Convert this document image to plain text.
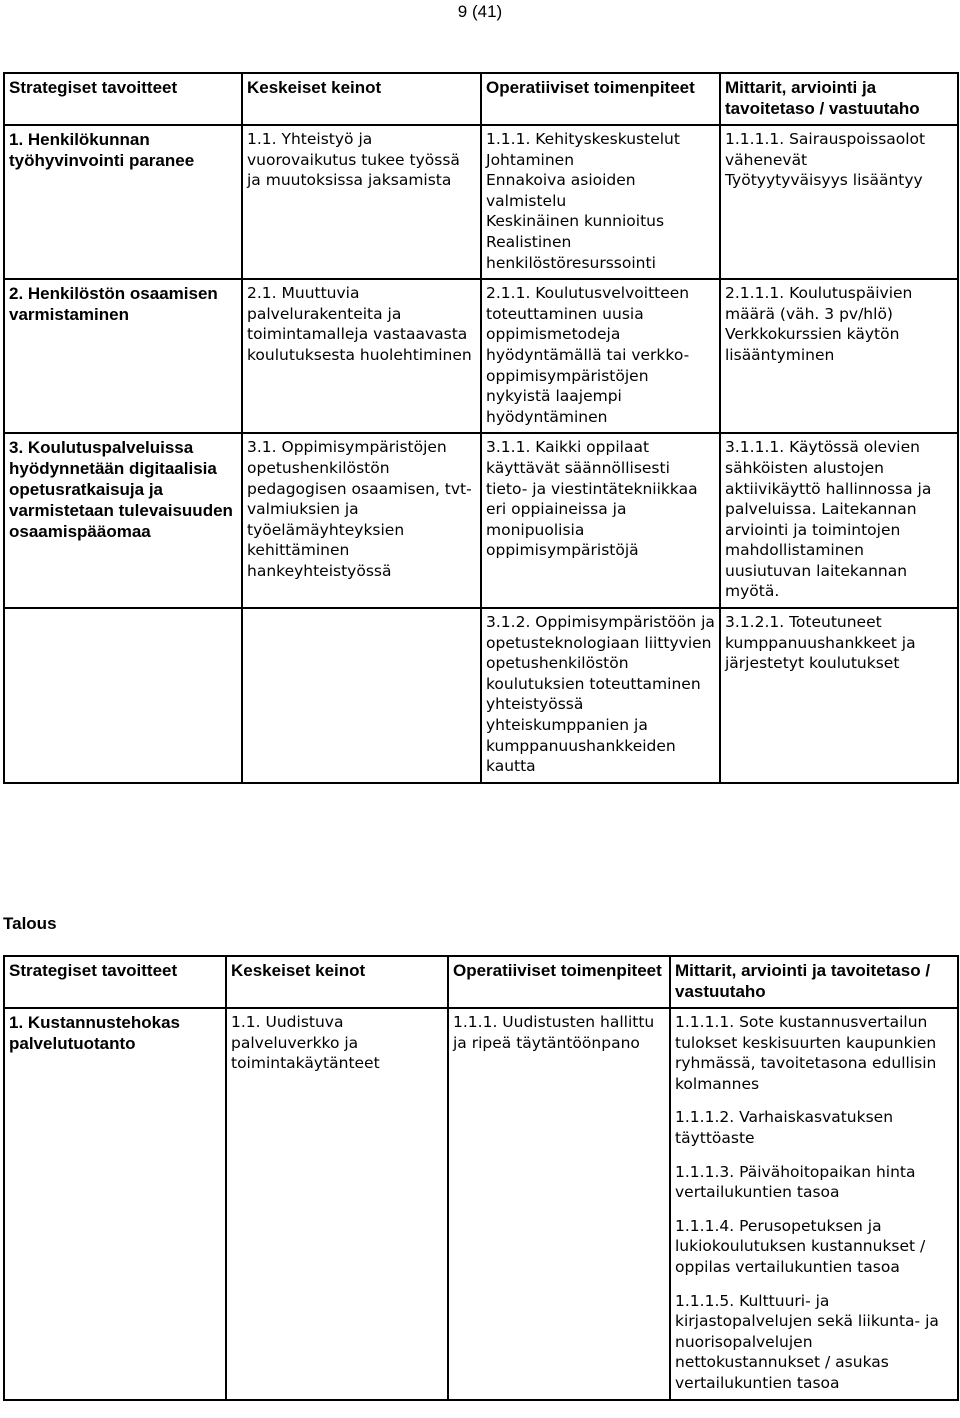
9 (41)
Strategiset tavoitteet	Keskeiset keinot	Operatiiviset toimenpiteet	Mittarit, arviointi ja tavoitetaso / vastuutaho
1. Henkilökunnan työhyvinvointi paranee	1.1. Yhteistyö ja vuorovaikutus tukee työssä ja muutoksissa jaksamista	1.1.1. Kehityskeskustelut
Johtaminen
Ennakoiva asioiden valmistelu
Keskinäinen kunnioitus
Realistinen henkilöstöresurssointi	1.1.1.1. Sairauspoissaolot vähenevät
Työtyytyväisyys lisääntyy

2. Henkilöstön osaamisen varmistaminen	2.1. Muuttuvia palvelurakenteita ja toimintamalleja vastaavasta koulutuksesta huolehtiminen	2.1.1. Koulutusvelvoitteen toteuttaminen uusia oppimismetodeja hyödyntämällä tai verkko-oppimisympäristöjen nykyistä laajempi hyödyntäminen	2.1.1.1. Koulutuspäivien määrä (väh. 3 pv/hlö)
Verkkokurssien käytön lisääntyminen

3. Koulutuspalveluissa hyödynnetään digitaalisia opetusratkaisuja ja varmistetaan tulevaisuuden osaamispääomaa	3.1. Oppimisympäristöjen opetushenkilöstön pedagogisen osaamisen, tvt-valmiuksien ja työelämäyhteyksien kehittäminen hankeyhteistyössä	3.1.1. Kaikki oppilaat käyttävät säännöllisesti tieto- ja viestintätekniikkaa eri oppiaineissa ja monipuolisia oppimisympäristöjä	3.1.1.1. Käytössä olevien sähköisten alustojen aktiivikäyttö hallinnossa ja palveluissa. Laitekannan arviointi ja toimintojen mahdollistaminen uusiutuvan laitekannan myötä.

		3.1.2. Oppimisympäristöön ja opetusteknologiaan liittyvien opetushenkilöstön koulutuksien toteuttaminen yhteistyössä yhteiskumppanien ja kumppanuushankkeiden kautta	3.1.2.1. Toteutuneet kumppanuushankkeet ja järjestetyt koulutukset
Talous
Strategiset tavoitteet	Keskeiset keinot	Operatiiviset toimenpiteet	Mittarit, arviointi ja tavoitetaso / vastuutaho
1. Kustannustehokas palvelutuotanto	1.1. Uudistuva palveluverkko ja toimintakäytänteet	1.1.1. Uudistusten hallittu ja ripeä täytäntöönpano	1.1.1.1. Sote kustannusvertailun tulokset keskisuurten kaupunkien ryhmässä, tavoitetasona edullisin kolmannes
1.1.1.2. Varhaiskasvatuksen täyttöaste
1.1.1.3. Päivähoitopaikan hinta vertailukuntien tasoa
1.1.1.4. Perusopetuksen ja lukiokoulutuksen kustannukset / oppilas vertailukuntien tasoa
1.1.1.5. Kulttuuri- ja kirjastopalvelujen sekä liikunta- ja nuorisopalvelujen nettokustannukset / asukas vertailukuntien tasoa
